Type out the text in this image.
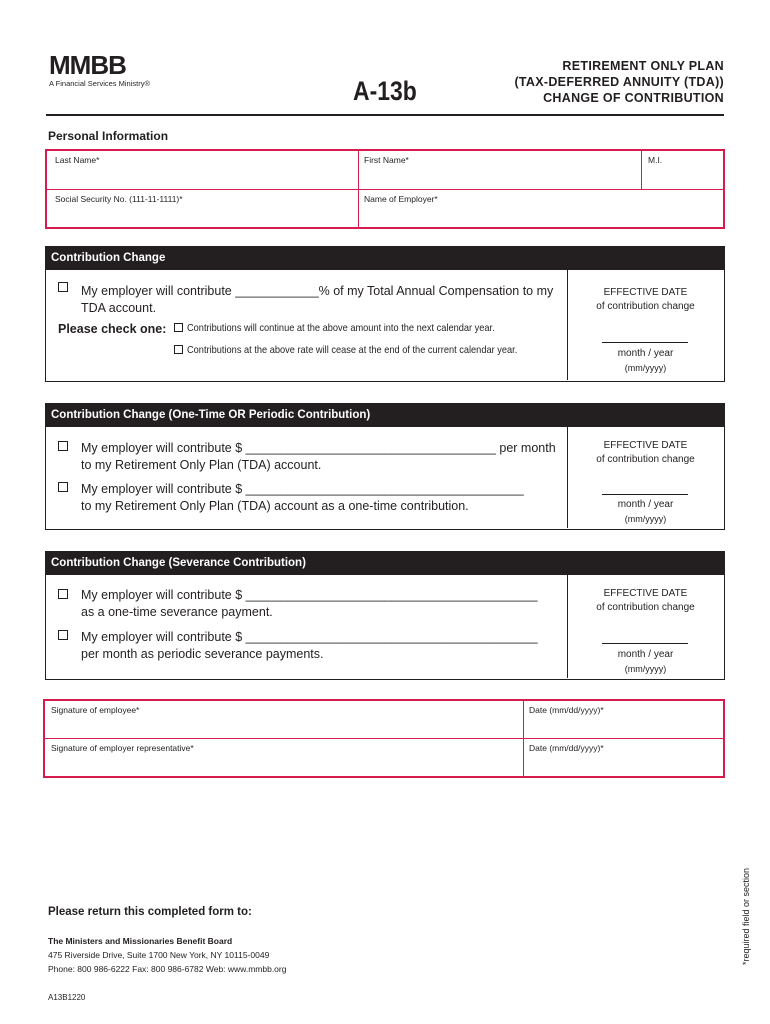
MMBB
A Financial Services Ministry®	A-13b
RETIREMENT ONLY PLAN
(TAX-DEFERRED ANNUITY (TDA))
CHANGE OF CONTRIBUTION
Personal Information
Last Name*	First Name*	M.I.
Social Security No. (111-11-1111)*	Name of Employer*
Contribution Change
My employer will contribute ____________% of my Total Annual Compensation to my
TDA account.
Please check one: Contributions will continue at the above amount into the next calendar year.
Contributions at the above rate will cease at the end of the current calendar year.
EFFECTIVE DATE
of contribution change
month / year
(mm/yyyy)
Contribution Change (One-Time OR Periodic Contribution)
My employer will contribute $ ____________________________________ per month
to my Retirement Only Plan (TDA) account.
My employer will contribute $ ________________________________________
to my Retirement Only Plan (TDA) account as a one-time contribution.
EFFECTIVE DATE
of contribution change
month / year
(mm/yyyy)
Contribution Change (Severance Contribution)
My employer will contribute $ __________________________________________
as a one-time severance payment.
My employer will contribute $ __________________________________________
per month as periodic severance payments.
EFFECTIVE DATE
of contribution change
month / year
(mm/yyyy)
Signature of employee*	Date (mm/dd/yyyy)*
Signature of employer representative*	Date (mm/dd/yyyy)*
*required field or section
Please return this completed form to:
The Ministers and Missionaries Benefit Board
475 Riverside Drive, Suite 1700 New York, NY 10115-0049
Phone: 800 986-6222 Fax: 800 986-6782 Web: www.mmbb.org
A13B1220
